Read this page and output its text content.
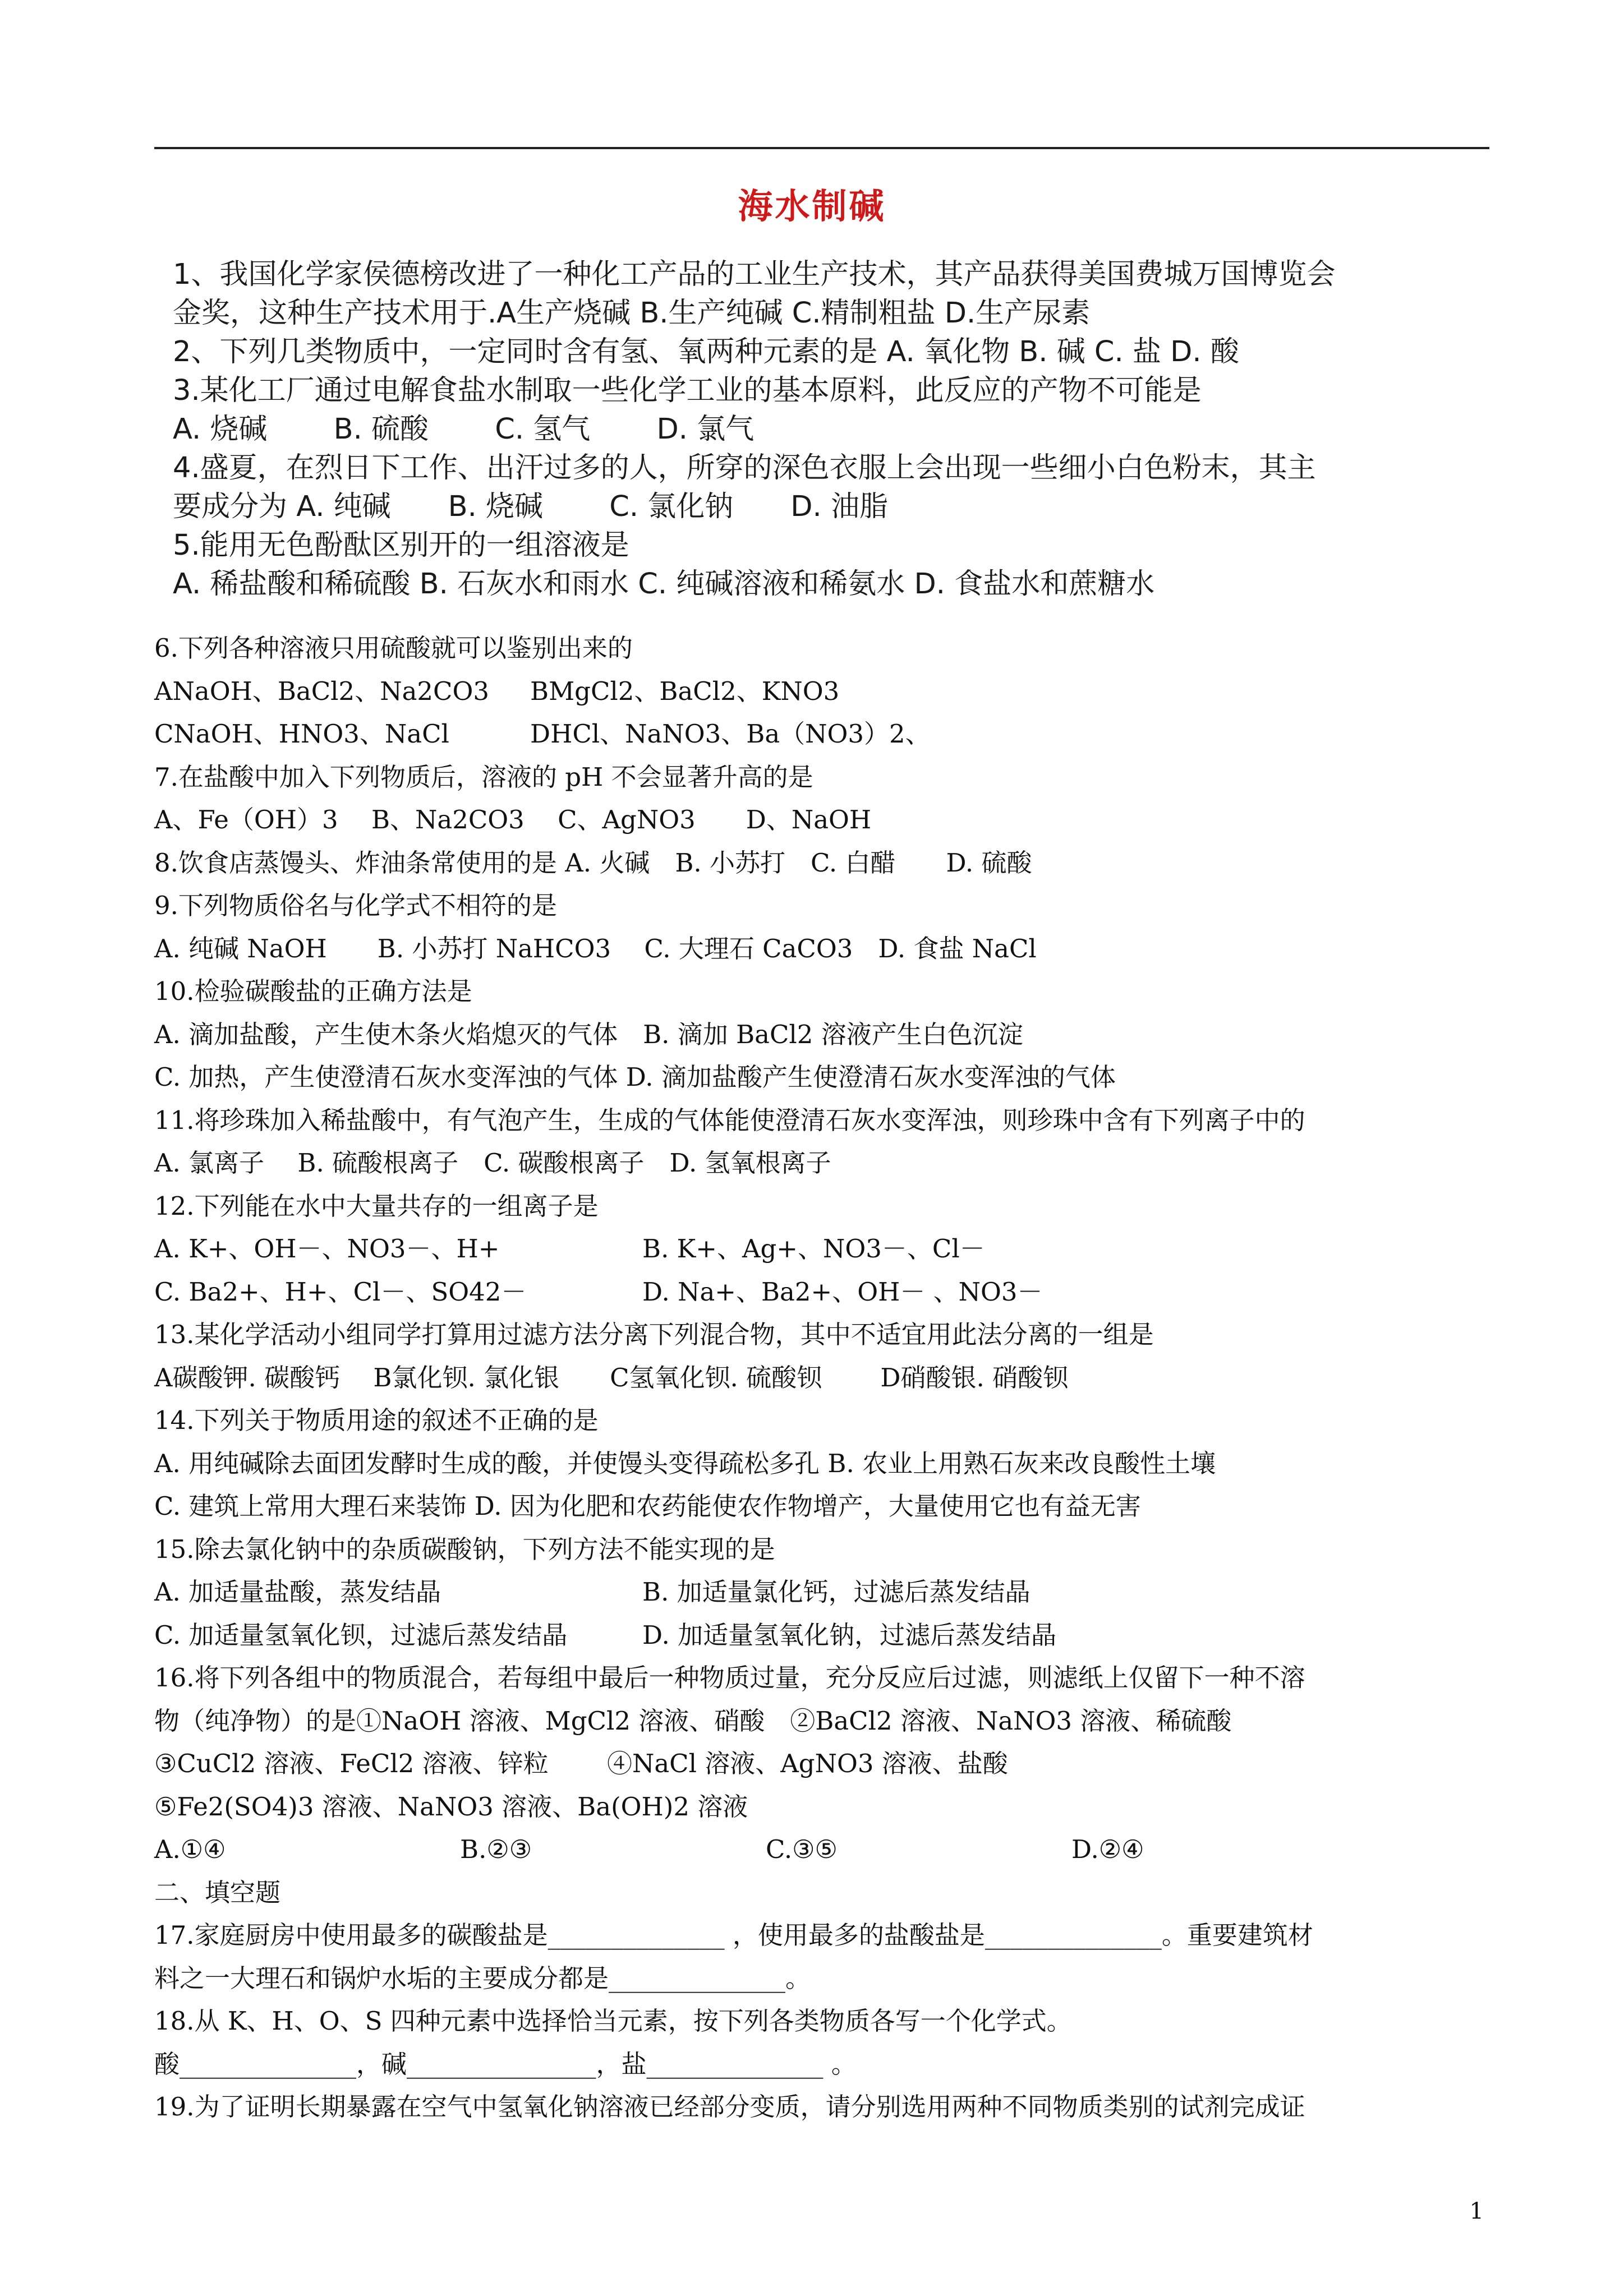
海水制碱
1、我国化学家侯德榜改进了一种化工产品的工业生产技术，其产品获得美国费城万国博览会
金奖，这种生产技术用于.A生产烧碱 B.生产纯碱 C.精制粗盐 D.生产尿素
2、下列几类物质中，一定同时含有氢、氧两种元素的是 A. 氧化物 B. 碱 C. 盐 D. 酸
3.某化工厂通过电解食盐水制取一些化学工业的基本原料，此反应的产物不可能是
A. 烧碱　　 B. 硫酸　　 C. 氢气　　 D. 氯气
4.盛夏，在烈日下工作、出汗过多的人，所穿的深色衣服上会出现一些细小白色粉末，其主
要成分为 A. 纯碱　　B. 烧碱　　 C. 氯化钠　　D. 油脂
5.能用无色酚酞区别开的一组溶液是
A. 稀盐酸和稀硫酸 B. 石灰水和雨水 C. 纯碱溶液和稀氨水 D. 食盐水和蔗糖水
6.下列各种溶液只用硫酸就可以鉴别出来的
ANaOH、BaCl2、Na2CO3	BMgCl2、BaCl2、KNO3
CNaOH、HNO3、NaCl	DHCl、NaNO3、Ba（NO3）2、
7.在盐酸中加入下列物质后，溶液的 pH 不会显著升高的是
A、Fe（OH）3　 B、Na2CO3　 C、AgNO3　　D、NaOH
8.饮食店蒸馒头、炸油条常使用的是 A. 火碱　B. 小苏打　C. 白醋　　D. 硫酸
9.下列物质俗名与化学式不相符的是
A. 纯碱 NaOH　　B. 小苏打 NaHCO3　 C. 大理石 CaCO3　D. 食盐 NaCl
10.检验碳酸盐的正确方法是
A. 滴加盐酸，产生使木条火焰熄灭的气体　B. 滴加 BaCl2 溶液产生白色沉淀
C. 加热，产生使澄清石灰水变浑浊的气体 D. 滴加盐酸产生使澄清石灰水变浑浊的气体
11.将珍珠加入稀盐酸中，有气泡产生，生成的气体能使澄清石灰水变浑浊，则珍珠中含有下列离子中的
A. 氯离子　 B. 硫酸根离子　C. 碳酸根离子　D. 氢氧根离子
12.下列能在水中大量共存的一组离子是
A. K+、OH－、NO3－、H+	B. K+、Ag+、NO3－、Cl－
C. Ba2+、H+、Cl－、SO42－	D. Na+、Ba2+、OH－ 、NO3－
13.某化学活动小组同学打算用过滤方法分离下列混合物，其中不适宜用此法分离的一组是
A碳酸钾. 碳酸钙　 B氯化钡. 氯化银　　C氢氧化钡. 硫酸钡　　 D硝酸银. 硝酸钡
14.下列关于物质用途的叙述不正确的是
A. 用纯碱除去面团发酵时生成的酸，并使馒头变得疏松多孔 B. 农业上用熟石灰来改良酸性土壤
C. 建筑上常用大理石来装饰 D. 因为化肥和农药能使农作物增产，大量使用它也有益无害
15.除去氯化钠中的杂质碳酸钠，下列方法不能实现的是
A. 加适量盐酸，蒸发结晶	B. 加适量氯化钙，过滤后蒸发结晶
C. 加适量氢氧化钡，过滤后蒸发结晶	D. 加适量氢氧化钠，过滤后蒸发结晶
16.将下列各组中的物质混合，若每组中最后一种物质过量，充分反应后过滤，则滤纸上仅留下一种不溶
物（纯净物）的是①NaOH 溶液、MgCl2 溶液、硝酸　②BaCl2 溶液、NaNO3 溶液、稀硫酸
③CuCl2 溶液、FeCl2 溶液、锌粒　　 ④NaCl 溶液、AgNO3 溶液、盐酸
⑤Fe2(SO4)3 溶液、NaNO3 溶液、Ba(OH)2 溶液
A.①④	B.②③	C.③⑤	D.②④
二、填空题
17.家庭厨房中使用最多的碳酸盐是______________ ，使用最多的盐酸盐是______________。重要建筑材
料之一大理石和锅炉水垢的主要成分都是______________。
18.从 K、H、O、S 四种元素中选择恰当元素，按下列各类物质各写一个化学式。
酸______________，碱_______________，盐______________ 。
19.为了证明长期暴露在空气中氢氧化钠溶液已经部分变质，请分别选用两种不同物质类别的试剂完成证
1
